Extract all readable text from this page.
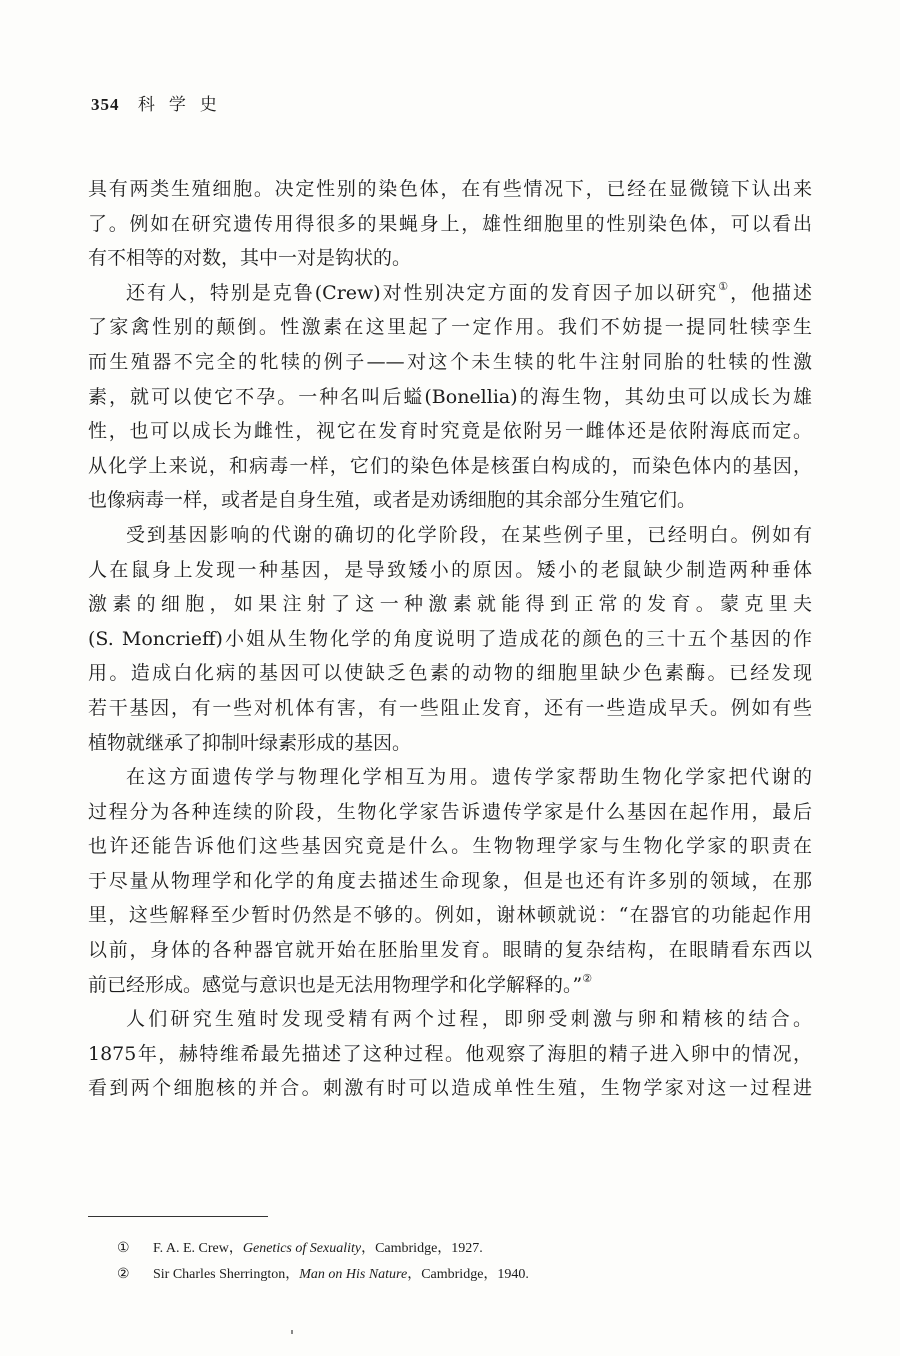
354 科学史
具有两类生殖细胞。决定性别的染色体，在有些情况下，已经在显微镜下认出来
了。例如在研究遗传用得很多的果蝇身上，雄性细胞里的性别染色体，可以看出
有不相等的对数，其中一对是钩状的。
还有人，特别是克鲁(Crew)对性别决定方面的发育因子加以研究①，他描述
了家禽性别的颠倒。性激素在这里起了一定作用。我们不妨提一提同牡犊孪生
而生殖器不完全的牝犊的例子——对这个未生犊的牝牛注射同胎的牡犊的性激
素，就可以使它不孕。一种名叫后螠(Bonellia)的海生物，其幼虫可以成长为雄
性，也可以成长为雌性，视它在发育时究竟是依附另一雌体还是依附海底而定。
从化学上来说，和病毒一样，它们的染色体是核蛋白构成的，而染色体内的基因，
也像病毒一样，或者是自身生殖，或者是劝诱细胞的其余部分生殖它们。
受到基因影响的代谢的确切的化学阶段，在某些例子里，已经明白。例如有
人在鼠身上发现一种基因，是导致矮小的原因。矮小的老鼠缺少制造两种垂体
激素的细胞，如果注射了这一种激素就能得到正常的发育。蒙克里夫
(S. Moncrieff)小姐从生物化学的角度说明了造成花的颜色的三十五个基因的作
用。造成白化病的基因可以使缺乏色素的动物的细胞里缺少色素酶。已经发现
若干基因，有一些对机体有害，有一些阻止发育，还有一些造成早夭。例如有些
植物就继承了抑制叶绿素形成的基因。
在这方面遗传学与物理化学相互为用。遗传学家帮助生物化学家把代谢的
过程分为各种连续的阶段，生物化学家告诉遗传学家是什么基因在起作用，最后
也许还能告诉他们这些基因究竟是什么。生物物理学家与生物化学家的职责在
于尽量从物理学和化学的角度去描述生命现象，但是也还有许多别的领域，在那
里，这些解释至少暂时仍然是不够的。例如，谢林顿就说：“在器官的功能起作用
以前，身体的各种器官就开始在胚胎里发育。眼睛的复杂结构，在眼睛看东西以
前已经形成。感觉与意识也是无法用物理学和化学解释的。”②
人们研究生殖时发现受精有两个过程，即卵受刺激与卵和精核的结合。
1875年，赫特维希最先描述了这种过程。他观察了海胆的精子进入卵中的情况，
看到两个细胞核的并合。刺激有时可以造成单性生殖，生物学家对这一过程进
① F. A. E. Crew，Genetics of Sexuality，Cambridge，1927.
② Sir Charles Sherrington，Man on His Nature，Cambridge，1940.
